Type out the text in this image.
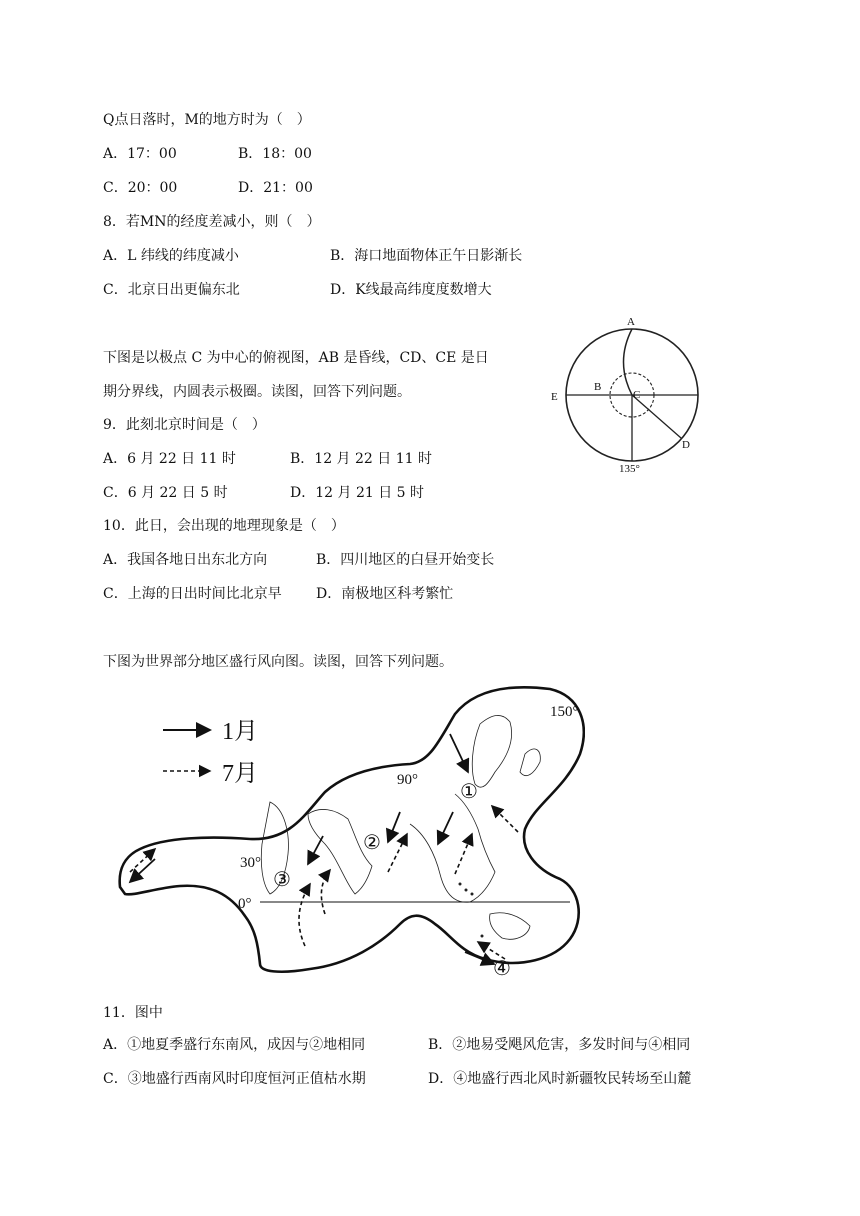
Q点日落时，M的地方时为（　）
A．17：00	B．18：00
C．20：00	D．21：00
8．若MN的经度差减小，则（　）
A．L 纬线的纬度减小	B．海口地面物体正午日影渐长
C．北京日出更偏东北	D．K线最高纬度度数增大
下图是以极点 C 为中心的俯视图，AB 是昏线，CD、CE 是日
期分界线，内圆表示极圈。读图，回答下列问题。
9．此刻北京时间是（　）
A．6 月 22 日 11 时	B．12 月 22 日 11 时
C．6 月 22 日 5 时	D．12 月 21 日 5 时
10．此日，会出现的地理现象是（　）
A．我国各地日出东北方向	B．四川地区的白昼开始变长
C．上海的日出时间比北京早 D．南极地区科考繁忙
A
B
C
D
E
135°
下图为世界部分地区盛行风向图。读图，回答下列问题。
1月
7月
150°
90°
30°
0°
①
②
③
④
11．图中
A．①地夏季盛行东南风，成因与②地相同	B．②地易受飓风危害，多发时间与④相同
C．③地盛行西南风时印度恒河正值枯水期	D．④地盛行西北风时新疆牧民转场至山麓
